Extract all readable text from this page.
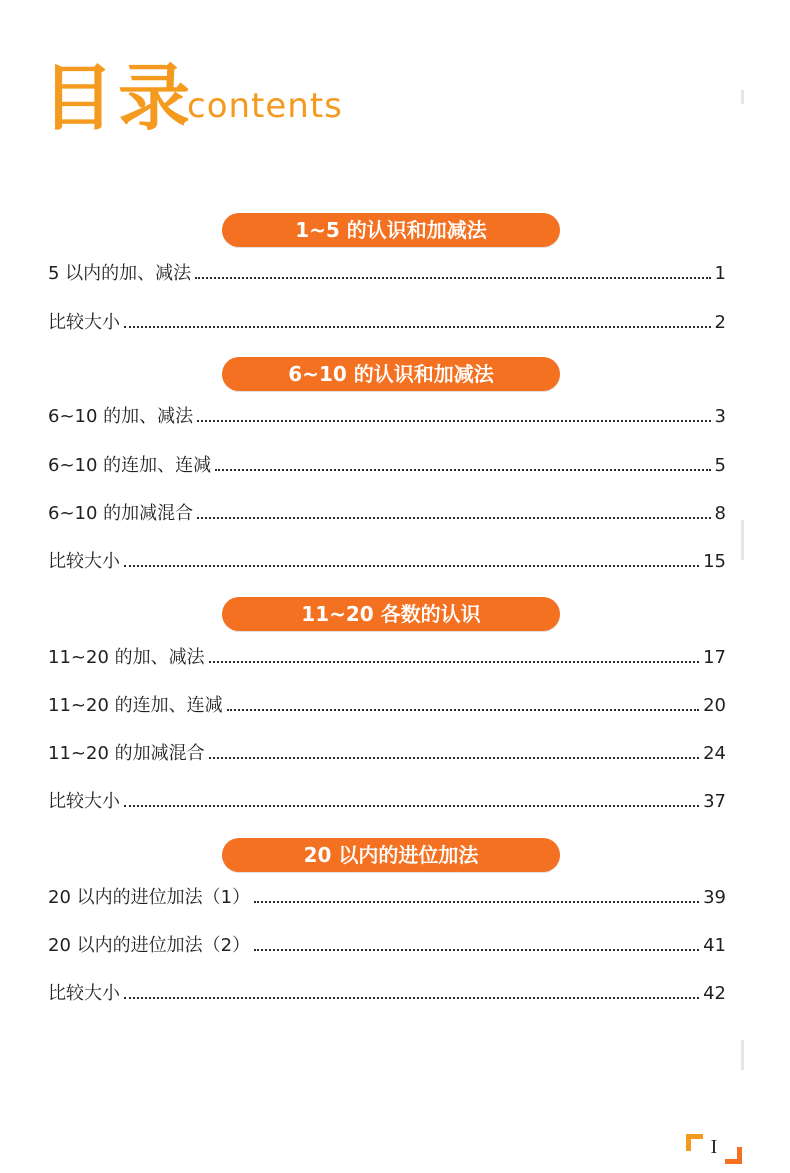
目录
contents
1~5 的认识和加减法
5 以内的加、减法	1
比较大小	2
6~10 的认识和加减法
6~10 的加、减法	3
6~10 的连加、连减	5
6~10 的加减混合	8
比较大小	15
11~20 各数的认识
11~20 的加、减法	17
11~20 的连加、连减	20
11~20 的加减混合	24
比较大小	37
20 以内的进位加法
20 以内的进位加法（1）	39
20 以内的进位加法（2）	41
比较大小	42
I
